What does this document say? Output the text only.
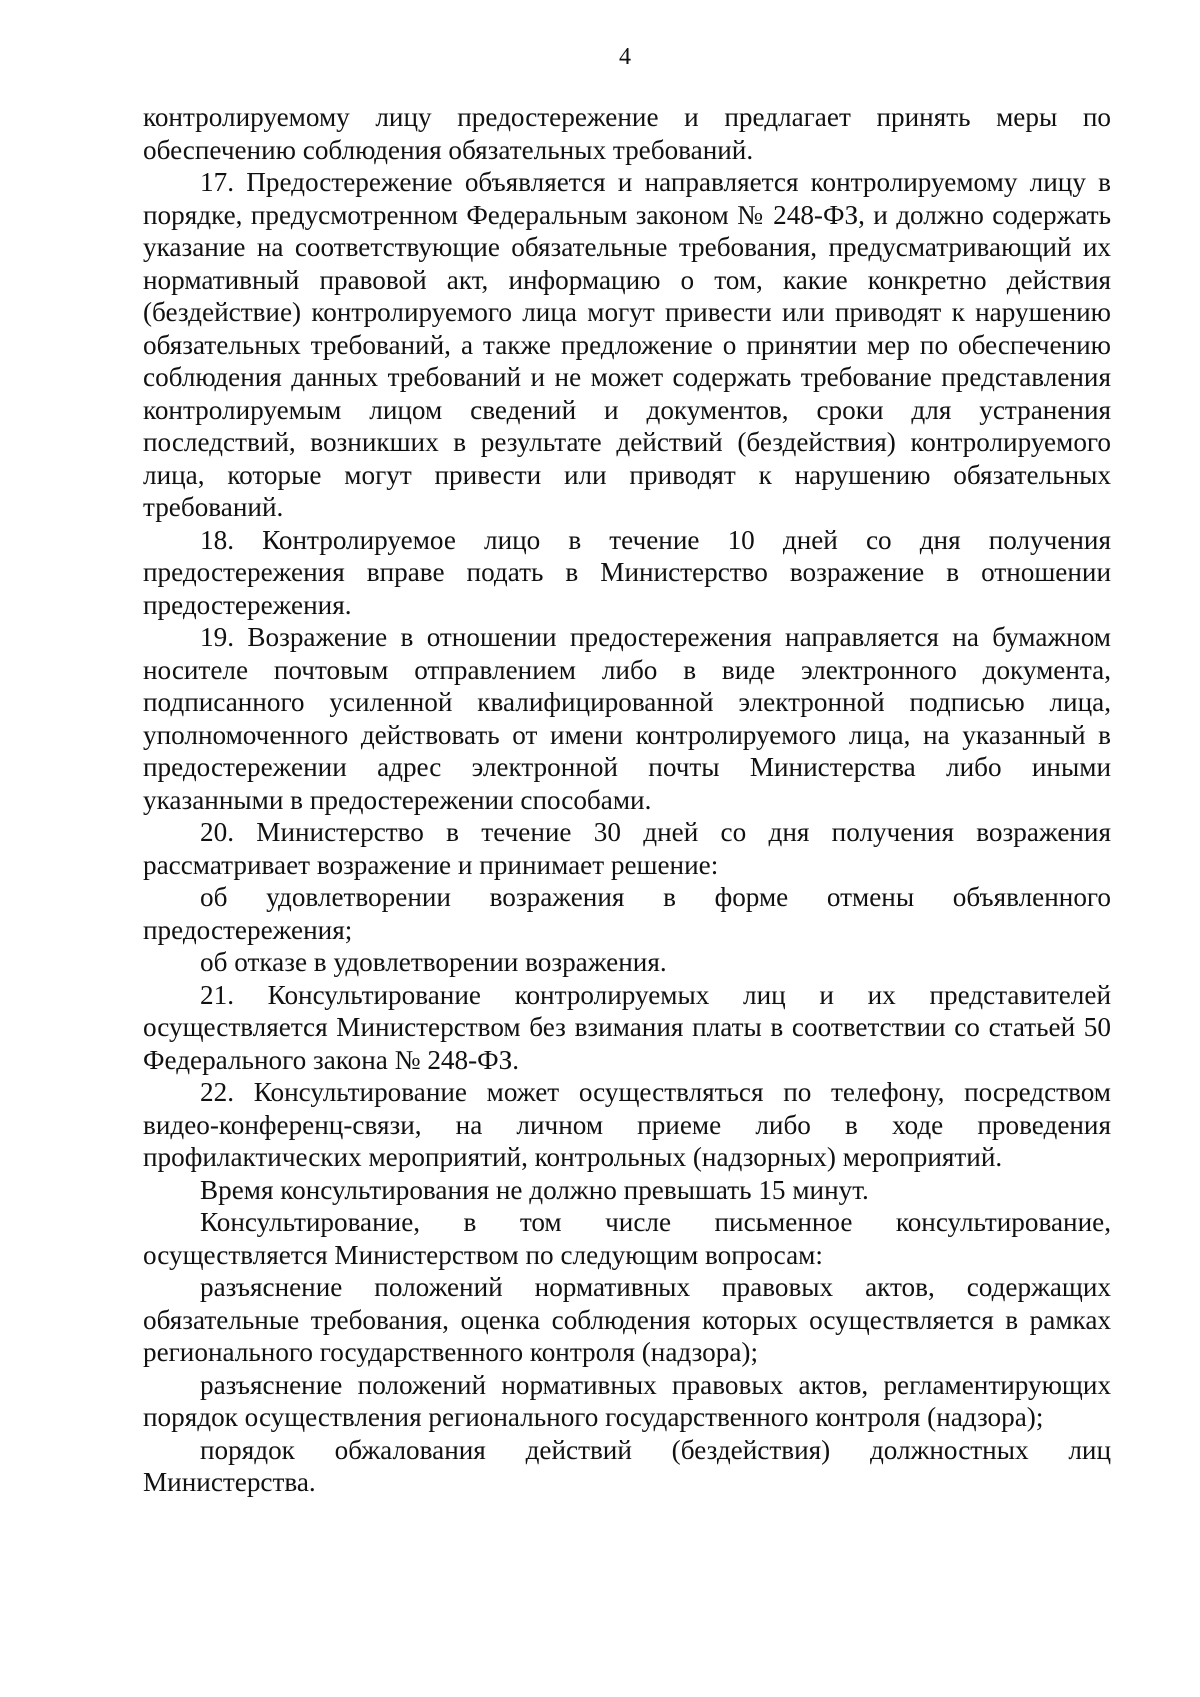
4

контролируемому лицу предостережение и предлагает принять меры по обеспечению соблюдения обязательных требований.

17. Предостережение объявляется и направляется контролируемому лицу в порядке, предусмотренном Федеральным законом № 248-ФЗ, и должно содержать указание на соответствующие обязательные требования, предусматривающий их нормативный правовой акт, информацию о том, какие конкретно действия (бездействие) контролируемого лица могут привести или приводят к нарушению обязательных требований, а также предложение о принятии мер по обеспечению соблюдения данных требований и не может содержать требование представления контролируемым лицом сведений и документов, сроки для устранения последствий, возникших в результате действий (бездействия) контролируемого лица, которые могут привести или приводят к нарушению обязательных требований.

18. Контролируемое лицо в течение 10 дней со дня получения предостережения вправе подать в Министерство возражение в отношении предостережения.

19. Возражение в отношении предостережения направляется на бумажном носителе почтовым отправлением либо в виде электронного документа, подписанного усиленной квалифицированной электронной подписью лица, уполномоченного действовать от имени контролируемого лица, на указанный в предостережении адрес электронной почты Министерства либо иными указанными в предостережении способами.

20. Министерство в течение 30 дней со дня получения возражения рассматривает возражение и принимает решение:

об удовлетворении возражения в форме отмены объявленного предостережения;

об отказе в удовлетворении возражения.

21. Консультирование контролируемых лиц и их представителей осуществляется Министерством без взимания платы в соответствии со статьей 50 Федерального закона № 248-ФЗ.

22. Консультирование может осуществляться по телефону, посредством видео-конференц-связи, на личном приеме либо в ходе проведения профилактических мероприятий, контрольных (надзорных) мероприятий.

Время консультирования не должно превышать 15 минут.

Консультирование, в том числе письменное консультирование, осуществляется Министерством по следующим вопросам:

разъяснение положений нормативных правовых актов, содержащих обязательные требования, оценка соблюдения которых осуществляется в рамках регионального государственного контроля (надзора);

разъяснение положений нормативных правовых актов, регламентирующих порядок осуществления регионального государственного контроля (надзора);

порядок обжалования действий (бездействия) должностных лиц Министерства.
